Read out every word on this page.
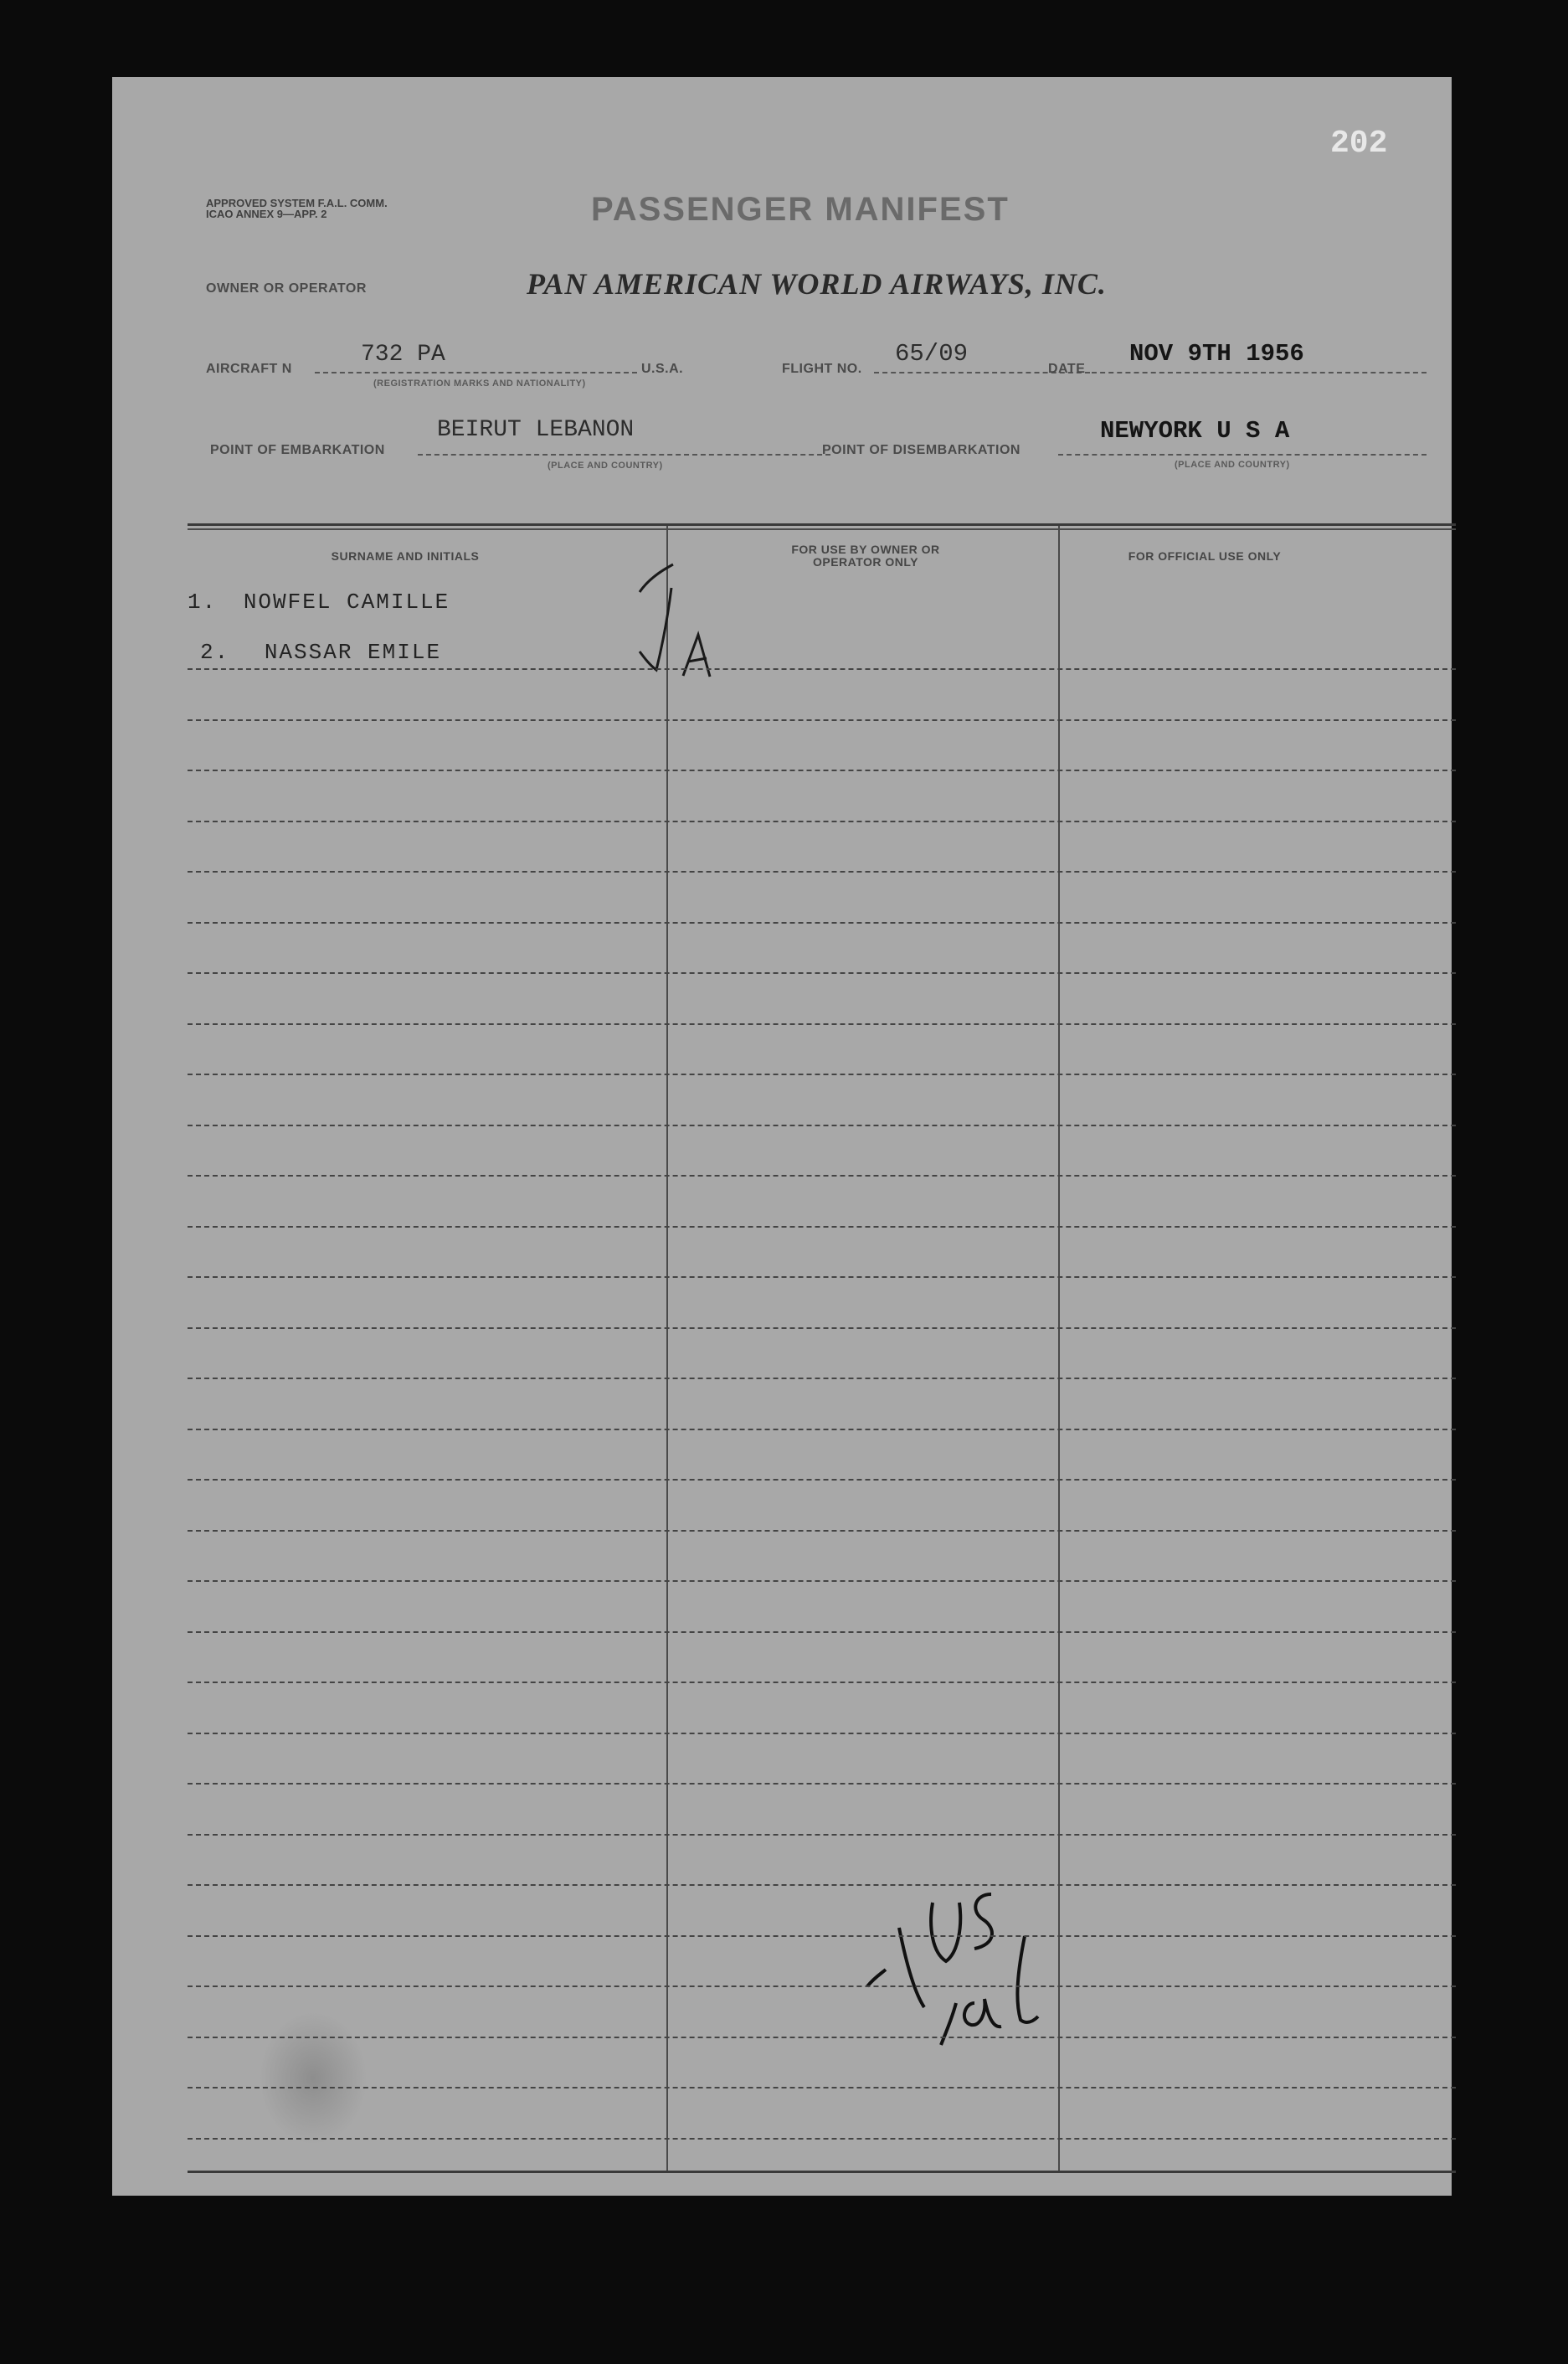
202
APPROVED SYSTEM F.A.L. COMM. ICAO ANNEX 9—APP. 2	PASSENGER MANIFEST
OWNER OR OPERATOR	PAN AMERICAN WORLD AIRWAYS, INC.
AIRCRAFT N
732 PA
(REGISTRATION MARKS AND NATIONALITY)
U.S.A.	FLIGHT NO.
65/09
DATE
NOV 9TH 1956
POINT OF EMBARKATION
BEIRUT LEBANON
(PLACE AND COUNTRY)
POINT OF DISEMBARKATION
NEWYORK U S A
(PLACE AND COUNTRY)
SURNAME AND INITIALS	FOR USE BY OWNER OR OPERATOR ONLY	FOR OFFICIAL USE ONLY
1. NOWFEL CAMILLE
2. NASSAR EMILE
